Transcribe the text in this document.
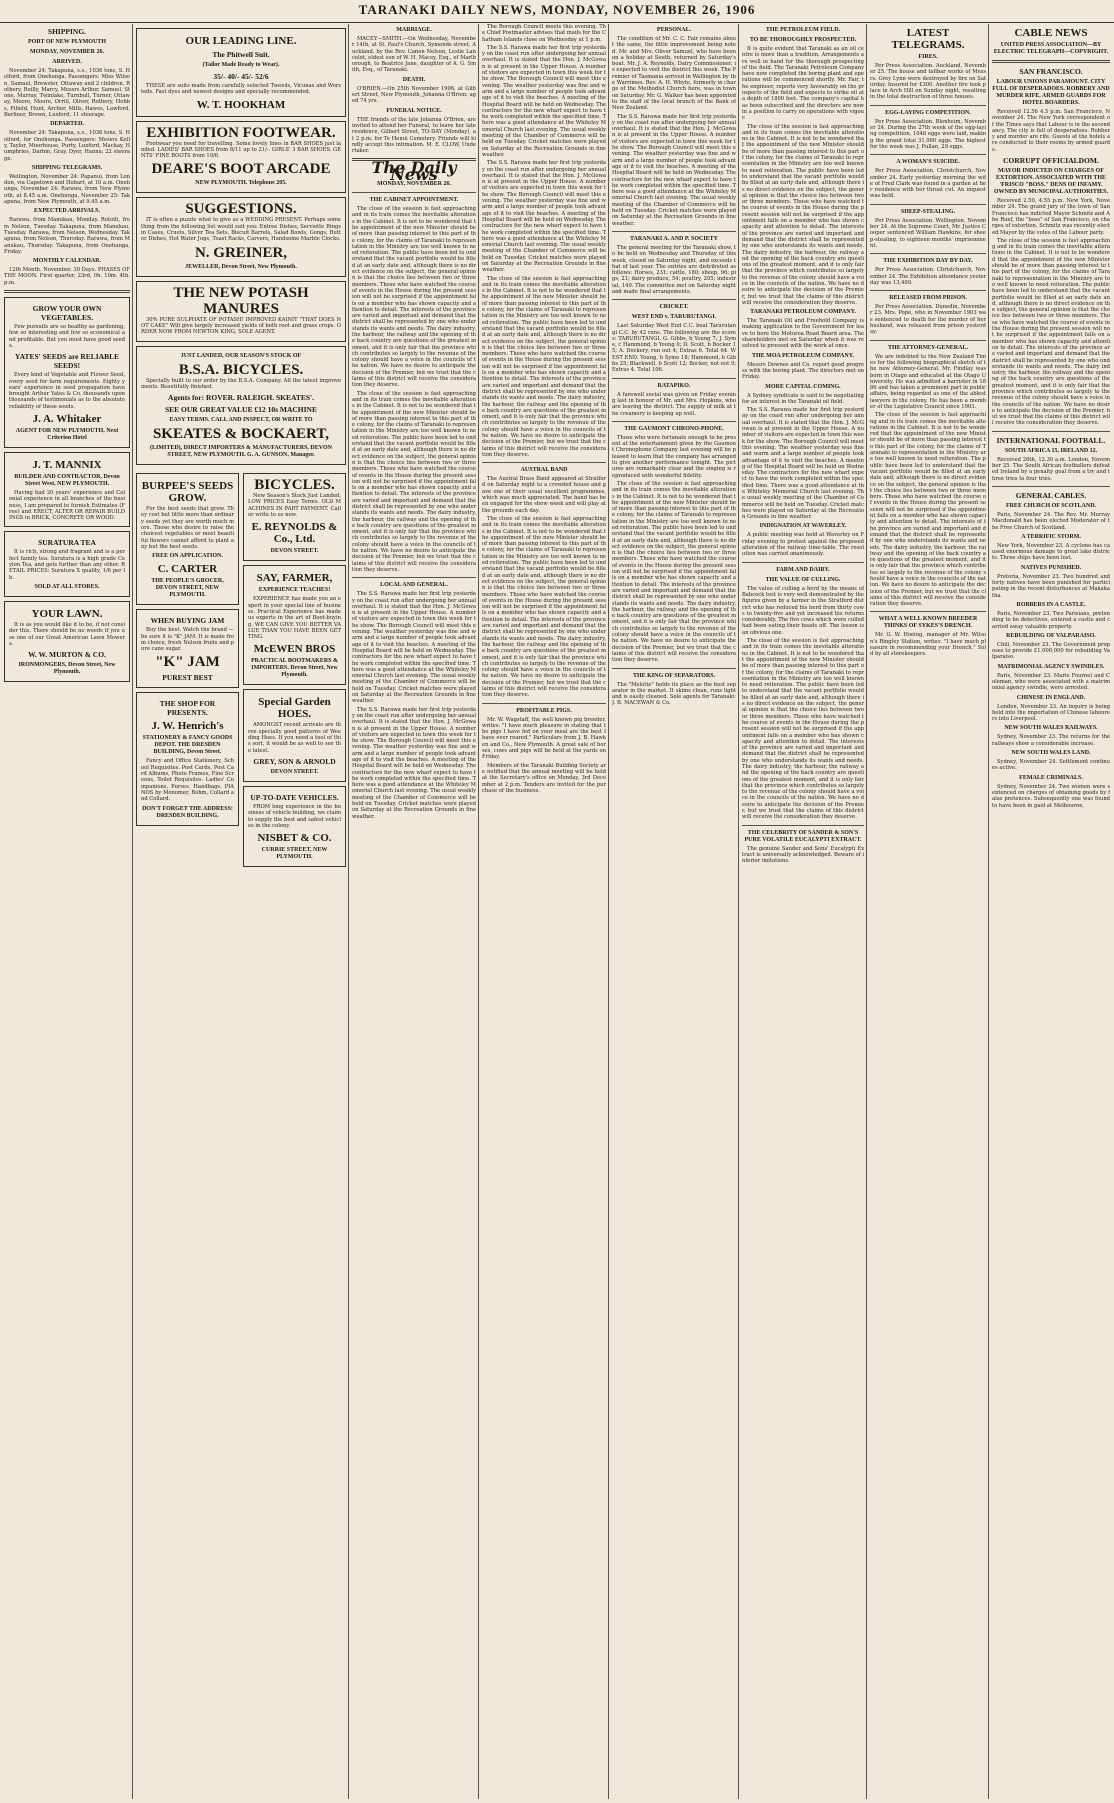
TARANAKI DAILY NEWS, MONDAY, NOVEMBER 26, 1906
SHIPPING.
PORT OF NEW PLYMOUTH
MONDAY, NOVEMBER 26.
ARRIVED.
November 24: Takapuna, s.s., 1036 tons, S. Holford, from Onehunga. Passengers: Miss Wilson, Samuel, Brewster, Ottaway and 2 children, Rothery, Reilly, Marcy, Messrs Arthur, Samuel, Stone, Murray, Twinlake, Turnbull, Turner, Ottaway, Moore, Moore, Orrill, Oliver, Rothery, Hobbs, Fifield, Hunt, Archer, Mills, Hawes, Lawford, Berliner, Brown, Luxford; 11 steerage.
DEPARTED.
November 24: Takapuna, s.s., 1036 tons, S. Holford, for Onehunga. Passengers: Messrs Kelly, Taylor, Moorhouse, Purty, Luxford, Mackay, Humphries, Darbin, Gray, Dyer, Hanna; 22 steerage.
SHIPPING TELEGRAMS.
Wellington, November 24: Papanui, from London, via Capetown and Hobart, at 10 a.m. Onehunga, November 24: Rarawa, from New Plymouth, at 8.45 a.m. Onehunga, November 25: Takapuna, from New Plymouth, at 9.45 a.m.
EXPECTED ARRIVALS.
Rarawa, from Manukau, Monday. Rotoiti, from Nelson, Tuesday. Takapuna, from Manukau, Tuesday. Rarawa, from Nelson, Wednesday. Takapuna, from Nelson, Thursday. Rarawa, from Manukau, Thursday. Takapuna, from Onehunga, Friday.
MONTHLY CALENDAR.
12th Month. November. 30 Days. PHASES OF THE MOON. First quarter, 23rd, 0h. 10m. 4th. p.m.
GROW YOUR OWN VEGETABLES.
Few pursuits are so healthy as gardening, few so interesting and few so economical and profitable. But you must have good seeds.
YATES' SEEDS are RELIABLE SEEDS!
Every kind of Vegetable and Flower Seed, every seed for farm requirements. Eighty years' experience in seed propagation have brought Arthur Yates & Co. thousands upon thousands of testimonials as to the absolute reliability of these seeds.
J. A. Whitaker
AGENT FOR NEW PLYMOUTH, Next Criterion Hotel
J. T. MANNIX
BUILDER AND CONTRACTOR, Devon Street West, NEW PLYMOUTH.
Having had 20 years' experience and Colonial experience in all branches of the business, I am prepared to furnish Estimates (Free) and ERECT, ALTER OR REPAIR BUILDINGS in BRICK, CONCRETE OR WOOD.
SURATURA TEA
It is rich, strong and fragrant and is a perfect family tea. Suratura is a high grade Ceylon Tea, and gets further than any other. RETAIL PRICES: Suratura X quality, 1/6 per lb.
SOLD AT ALL STORES.
YOUR LAWN.
It is as you would like it to be, if not consider this. There should be no weeds if you use one of our Great American Lawn Mowers.
W. W. MURTON & CO.
IRONMONGERS, Devon Street, New Plymouth.
OUR LEADING LINE.
The Phitwell Suit.
(Tailor Made Ready to Wear).
35/- 40/- 45/- 52/6
THESE are suits made from carefully selected Tweeds, Vicunas and Worsteds. Fast dyes and newest designs and specially recommended.
W. T. HOOKHAM
EXHIBITION FOOTWEAR.
Footwear you need for travelling. Some lovely lines in BAR SHOES just landed. LADIES' BAR SHOES from 8/11 up to 21/-. GIRLS' 3 BAR SHOES. GENTS' FINE BOOTS from 10/6.
DEARE'S BOOT ARCADE
NEW PLYMOUTH. Telephone 205.
SUGGESTIONS.
IT is often a puzzle what to give as a WEDDING PRESENT. Perhaps something from the following list would suit you: Entree Dishes, Serviette Rings in Cases, Cruets, Silver Tea Sets, Biscuit Barrels, Salad Bowls, Gongs, Butter Dishes, Hot Water Jugs, Toast Racks, Carvers, Handsome Marble Clocks.
N. GREINER,
JEWELLER, Devon Street, New Plymouth.
THE NEW POTASH MANURES
30% PURE SULPHATE OF POTASH! IMPROVED KAINIT "THAT DOES NOT CAKE" Will give largely increased yields of both root and grass crops. ORDER NOW FROM NEWTON KING, SOLE AGENT.
JUST LANDED, OUR SEASON'S STOCK OF
B.S.A. BICYCLES.
Specially built to our order by the B.S.A. Company. All the latest improvements. Beautifully finished.
Agents for: ROVER. RALEIGH. SKEATES'.
SEE OUR GREAT VALUE £12 10s MACHINE
EASY TERMS. CALL AND INSPECT, OR WRITE TO
SKEATES & BOCKAERT,
(LIMITED), DIRECT IMPORTERS & MANUFACTURERS, DEVON STREET, NEW PLYMOUTH. G. A. GUNSON, Manager.
BURPEE'S SEEDS GROW.
For the best seeds that grow. They cost but little more than ordinary seeds yet they are worth much more. Those who desire to raise the choicest vegetables or most beautiful flowers cannot afford to plant any but the best seeds.
FREE ON APPLICATION.
C. CARTER
THE PEOPLE'S GROCER, DEVON STREET, NEW PLYMOUTH.
WHEN BUYING JAM
Buy the best. Watch the brand — be sure it is "K" JAM. It is made from choice, fresh Nelson fruits and pure cane sugar.
"K" JAM
PUREST BEST
THE SHOP FOR PRESENTS.
J. W. Henrich's
STATIONERY & FANCY GOODS DEPOT. THE DRESDEN BUILDING, Devon Street.
Fancy and Office Stationery, School Requisites. Post Cards, Post Card Albums, Photo Frames, Fine Screens, Toilet Requisites. Ladies' Companions, Purses, Handbags. PIANOS by Monomer, Bohm, Collard and Collard.
DON'T FORGET THE ADDRESS: DRESDEN BUILDING.
BICYCLES.
New Season's Stock Just Landed, LOW PRICES Easy Terms. OLD MACHINES IN PART PAYMENT. Call or write to us now.
E. REYNOLDS & Co., Ltd.
DEVON STREET.
SAY, FARMER,
EXPERIENCE TEACHES!
EXPERIENCE has made you an expert in your special line of business. Practical Experience has made us experts in the art of Boot-buying. WE CAN GIVE YOU BETTER VALUE THAN YOU HAVE BEEN GETTING.
McEWEN BROS
PRACTICAL BOOTMAKERS & IMPORTERS. Devon Street, New Plymouth.
Special Garden HOES.
AMONGST recent arrivals are three specially good patterns of Weeding Hoes. If you need a tool of this sort, it would be as well to see the latest.
GREY, SON & ARNOLD
DEVON STREET.
UP-TO-DATE VEHICLES.
FROM long experience in the business of vehicle building, we claim to supply the best and safest vehicles in the colony.
NISBET & CO.
CURRIE STREET, NEW PLYMOUTH.
MARRIAGE.
MACEY—SMITH.—On Wednesday, November 14th, at St. Paul's Church, Symonds street, Auckland, by the Rev. Canon Nelson, Leslie Lancelot, eldest son of W. H. Macey, Esq., of Marlborough, to Beatrice Jane, daughter of A. G. Smith, Esq., of Taranaki.
DEATH.
O'BRIEN.—On 25th November 1906, at Gilbert Street, New Plymouth, Johanna O'Brien; aged 74 yrs.
FUNERAL NOTICE.
THE friends of the late Johanna O'Brien, are invited to attend her Funeral, to leave her late residence, Gilbert Street, TO-DAY (Monday), at 2 p.m. for Te Henui Cemetery. Friends will kindly accept this intimation. M. E. CLOW, Undertaker.
The Daily News
MONDAY, NOVEMBER 26.
THE CABINET APPOINTMENT.
The close of the session is fast approaching and in its train comes the inevitable alterations in the Cabinet. It is not to be wondered that the appointment of the new Minister should be of more than passing interest to this part of the colony, for the claims of Taranaki to representation in the Ministry are too well known to need reiteration. The public have been led to understand that the vacant portfolio would be filled at an early date and, although there is no direct evidence on the subject, the general opinion is that the choice lies between two or three members. Those who have watched the course of events in the House during the present session will not be surprised if the appointment falls on a member who has shown capacity and attention to detail. The interests of the province are varied and important and demand that the district shall be represented by one who understands its wants and needs. The dairy industry, the harbour, the railway and the opening of the back country are questions of the greatest moment, and it is only fair that the province which contributes so largely to the revenue of the colony should have a voice in the councils of the nation. We have no desire to anticipate the decision of the Premier, but we trust that the claims of this district will receive the consideration they deserve.
The close of the session is fast approaching and in its train comes the inevitable alterations in the Cabinet. It is not to be wondered that the appointment of the new Minister should be of more than passing interest to this part of the colony, for the claims of Taranaki to representation in the Ministry are too well known to need reiteration. The public have been led to understand that the vacant portfolio would be filled at an early date and, although there is no direct evidence on the subject, the general opinion is that the choice lies between two or three members. Those who have watched the course of events in the House during the present session will not be surprised if the appointment falls on a member who has shown capacity and attention to detail. The interests of the province are varied and important and demand that the district shall be represented by one who understands its wants and needs. The dairy industry, the harbour, the railway and the opening of the back country are questions of the greatest moment, and it is only fair that the province which contributes so largely to the revenue of the colony should have a voice in the councils of the nation. We have no desire to anticipate the decision of the Premier, but we trust that the claims of this district will receive the consideration they deserve.
LOCAL AND GENERAL.
The S.S. Rarawa made her first trip yesterday on the coast run after undergoing her annual overhaul. It is stated that the Hon. J. McGowan is at present in the Upper House. A number of visitors are expected in town this week for the show. The Borough Council will meet this evening. The weather yesterday was fine and warm and a large number of people took advantage of it to visit the beaches. A meeting of the Hospital Board will be held on Wednesday. The contractors for the new wharf expect to have the work completed within the specified time. There was a good attendance at the Whiteley Memorial Church last evening. The usual weekly meeting of the Chamber of Commerce will be held on Tuesday. Cricket matches were played on Saturday at the Recreation Grounds in fine weather.
The S.S. Rarawa made her first trip yesterday on the coast run after undergoing her annual overhaul. It is stated that the Hon. J. McGowan is at present in the Upper House. A number of visitors are expected in town this week for the show. The Borough Council will meet this evening. The weather yesterday was fine and warm and a large number of people took advantage of it to visit the beaches. A meeting of the Hospital Board will be held on Wednesday. The contractors for the new wharf expect to have the work completed within the specified time. There was a good attendance at the Whiteley Memorial Church last evening. The usual weekly meeting of the Chamber of Commerce will be held on Tuesday. Cricket matches were played on Saturday at the Recreation Grounds in fine weather.
The Borough Council meets this evening. The Chief Postmaster advises that mails for the Chatham Islands close on Wednesday at 1 p.m.
The S.S. Rarawa made her first trip yesterday on the coast run after undergoing her annual overhaul. It is stated that the Hon. J. McGowan is at present in the Upper House. A number of visitors are expected in town this week for the show. The Borough Council will meet this evening. The weather yesterday was fine and warm and a large number of people took advantage of it to visit the beaches. A meeting of the Hospital Board will be held on Wednesday. The contractors for the new wharf expect to have the work completed within the specified time. There was a good attendance at the Whiteley Memorial Church last evening. The usual weekly meeting of the Chamber of Commerce will be held on Tuesday. Cricket matches were played on Saturday at the Recreation Grounds in fine weather.
The S.S. Rarawa made her first trip yesterday on the coast run after undergoing her annual overhaul. It is stated that the Hon. J. McGowan is at present in the Upper House. A number of visitors are expected in town this week for the show. The Borough Council will meet this evening. The weather yesterday was fine and warm and a large number of people took advantage of it to visit the beaches. A meeting of the Hospital Board will be held on Wednesday. The contractors for the new wharf expect to have the work completed within the specified time. There was a good attendance at the Whiteley Memorial Church last evening. The usual weekly meeting of the Chamber of Commerce will be held on Tuesday. Cricket matches were played on Saturday at the Recreation Grounds in fine weather.
The close of the session is fast approaching and in its train comes the inevitable alterations in the Cabinet. It is not to be wondered that the appointment of the new Minister should be of more than passing interest to this part of the colony, for the claims of Taranaki to representation in the Ministry are too well known to need reiteration. The public have been led to understand that the vacant portfolio would be filled at an early date and, although there is no direct evidence on the subject, the general opinion is that the choice lies between two or three members. Those who have watched the course of events in the House during the present session will not be surprised if the appointment falls on a member who has shown capacity and attention to detail. The interests of the province are varied and important and demand that the district shall be represented by one who understands its wants and needs. The dairy industry, the harbour, the railway and the opening of the back country are questions of the greatest moment, and it is only fair that the province which contributes so largely to the revenue of the colony should have a voice in the councils of the nation. We have no desire to anticipate the decision of the Premier, but we trust that the claims of this district will receive the consideration they deserve.
AUSTRAL BAND
The Austral Brass Band appeared at Stratford on Saturday night to a crowded house and gave one of their usual excellent programmes, which was much appreciated. The band has been engaged for the show week and will play at the grounds each day.
The close of the session is fast approaching and in its train comes the inevitable alterations in the Cabinet. It is not to be wondered that the appointment of the new Minister should be of more than passing interest to this part of the colony, for the claims of Taranaki to representation in the Ministry are too well known to need reiteration. The public have been led to understand that the vacant portfolio would be filled at an early date and, although there is no direct evidence on the subject, the general opinion is that the choice lies between two or three members. Those who have watched the course of events in the House during the present session will not be surprised if the appointment falls on a member who has shown capacity and attention to detail. The interests of the province are varied and important and demand that the district shall be represented by one who understands its wants and needs. The dairy industry, the harbour, the railway and the opening of the back country are questions of the greatest moment, and it is only fair that the province which contributes so largely to the revenue of the colony should have a voice in the councils of the nation. We have no desire to anticipate the decision of the Premier, but we trust that the claims of this district will receive the consideration they deserve.
PROFITABLE PIGS.
Mr. W. Wagstaff, the well known pig breeder, writes: "I have much pleasure in stating that the pigs I have fed on your meal are the best I have ever reared." Particulars from J. B. Hawken and Co., New Plymouth. A great sale of horses, cows and pigs will be held at the yards on Friday.
Members of the Taranaki Building Society are notified that the annual meeting will be held at the Secretary's office on Monday, 3rd December at 2 p.m. Tenders are invited for the purchase of the business.
PERSONAL.
The condition of Mr. C. C. Fair remains about the same, the little improvement being noted. Mr. and Mrs. Oliver Samuel, who have been on a holiday at South, returned by Saturday's boat. Mr. J. A. Reynolds, Dairy Commissioner, is expected to visit the district this week. The Premier of Tasmania arrived in Wellington by the Warrimoo. Rev. A. H. Whyte, formerly in charge of the Methodist Church here, was in town on Saturday. Mr. G. Walker has been appointed to the staff of the local branch of the Bank of New Zealand.
The S.S. Rarawa made her first trip yesterday on the coast run after undergoing her annual overhaul. It is stated that the Hon. J. McGowan is at present in the Upper House. A number of visitors are expected in town this week for the show. The Borough Council will meet this evening. The weather yesterday was fine and warm and a large number of people took advantage of it to visit the beaches. A meeting of the Hospital Board will be held on Wednesday. The contractors for the new wharf expect to have the work completed within the specified time. There was a good attendance at the Whiteley Memorial Church last evening. The usual weekly meeting of the Chamber of Commerce will be held on Tuesday. Cricket matches were played on Saturday at the Recreation Grounds in fine weather.
TARANAKI A. AND P. SOCIETY
The general meeting for the Taranaki show, to be held on Wednesday and Thursday of this week, closed on Saturday night, and exceeds that of last year. The entries are distributed as follows: Horses, 231; cattle, 180; sheep, 96; pigs, 21; dairy produce, 54; poultry, 205; industrial, 140. The committee met on Saturday night and made final arrangements.
CRICKET.
WEST END v. TARURUTANGI.
Last Saturday West End C.C. beat Tarurutangi C.C. by 42 runs. The following are the scores: TARURUTANGI. G. Gibbs, b Young 7; J. Syme, c Hammond, b Young 0; D. Scott, b Bocker 15; A. Dockery, run out 4; Extras 6. Total 64. WEST END. Young, b Syme 18; Hammond, b Gibbs 25; Blackwell, b Scott 12; Bocker, not out 9; Extras 4. Total 106.
RATAPIKO.
A farewell social was given on Friday evening last in honour of Mr. and Mrs. Hopkins, who are leaving the district. The supply of milk at the creamery is keeping up well.
THE GAUMONT CHRONO-PHONE.
Those who were fortunate enough to be present at the entertainment given by the Gaumont Chronophone Company last evening will be pleased to learn that the company has arranged to give another performance tonight. The pictures are remarkably clear and the singing is reproduced with wonderful fidelity.
The close of the session is fast approaching and in its train comes the inevitable alterations in the Cabinet. It is not to be wondered that the appointment of the new Minister should be of more than passing interest to this part of the colony, for the claims of Taranaki to representation in the Ministry are too well known to need reiteration. The public have been led to understand that the vacant portfolio would be filled at an early date and, although there is no direct evidence on the subject, the general opinion is that the choice lies between two or three members. Those who have watched the course of events in the House during the present session will not be surprised if the appointment falls on a member who has shown capacity and attention to detail. The interests of the province are varied and important and demand that the district shall be represented by one who understands its wants and needs. The dairy industry, the harbour, the railway and the opening of the back country are questions of the greatest moment, and it is only fair that the province which contributes so largely to the revenue of the colony should have a voice in the councils of the nation. We have no desire to anticipate the decision of the Premier, but we trust that the claims of this district will receive the consideration they deserve.
THE KING OF SEPARATORS.
The "Melotte" holds its place as the best separator in the market. It skims clean, runs light and is easily cleaned. Sole agents for Taranaki: J. B. MACEWAN & Co.
THE PETROLEUM FIELD.
TO BE THOROUGHLY PROSPECTED.
It is quite evident that Taranaki as an oil centre is more than a tradition. Arrangements are well in hand for the thorough prospecting of the field. The Taranaki Petroleum Company have now completed the boring plant and operations will be commenced shortly. Mr. Fair, the engineer, reports very favourably on the prospects of the field and expects to strike oil at a depth of 1800 feet. The company's capital has been subscribed and the directors are now in a position to carry on operations with vigour.
The close of the session is fast approaching and in its train comes the inevitable alterations in the Cabinet. It is not to be wondered that the appointment of the new Minister should be of more than passing interest to this part of the colony, for the claims of Taranaki to representation in the Ministry are too well known to need reiteration. The public have been led to understand that the vacant portfolio would be filled at an early date and, although there is no direct evidence on the subject, the general opinion is that the choice lies between two or three members. Those who have watched the course of events in the House during the present session will not be surprised if the appointment falls on a member who has shown capacity and attention to detail. The interests of the province are varied and important and demand that the district shall be represented by one who understands its wants and needs. The dairy industry, the harbour, the railway and the opening of the back country are questions of the greatest moment, and it is only fair that the province which contributes so largely to the revenue of the colony should have a voice in the councils of the nation. We have no desire to anticipate the decision of the Premier, but we trust that the claims of this district will receive the consideration they deserve.
TARANAKI PETROLEUM COMPANY.
The Taranaki Oil and Freehold Company is making application to the Government for leave to bore the Moturoa Road Board area. The shareholders met on Saturday when it was resolved to proceed with the work at once.
THE MOA PETROLEUM COMPANY.
Messrs Downes and Co. report good progress with the boring plant. The directors met on Friday.
MORE CAPITAL COMING.
A Sydney syndicate is said to be negotiating for an interest in the Taranaki oil field.
The S.S. Rarawa made her first trip yesterday on the coast run after undergoing her annual overhaul. It is stated that the Hon. J. McGowan is at present in the Upper House. A number of visitors are expected in town this week for the show. The Borough Council will meet this evening. The weather yesterday was fine and warm and a large number of people took advantage of it to visit the beaches. A meeting of the Hospital Board will be held on Wednesday. The contractors for the new wharf expect to have the work completed within the specified time. There was a good attendance at the Whiteley Memorial Church last evening. The usual weekly meeting of the Chamber of Commerce will be held on Tuesday. Cricket matches were played on Saturday at the Recreation Grounds in fine weather.
INDIGNATION AT WAVERLEY.
A public meeting was held at Waverley on Friday evening to protest against the proposed alteration of the railway time-table. The resolution was carried unanimously.
FARM AND DAIRY.
THE VALUE OF CULLING.
The value of culling a herd by the means of Babcock test is very well demonstrated by the figures given by a farmer in the Stratford district who has reduced his herd from thirty cows to twenty-five and yet increased his returns considerably. The five cows which were culled had been eating their heads off. The lesson is an obvious one.
The close of the session is fast approaching and in its train comes the inevitable alterations in the Cabinet. It is not to be wondered that the appointment of the new Minister should be of more than passing interest to this part of the colony, for the claims of Taranaki to representation in the Ministry are too well known to need reiteration. The public have been led to understand that the vacant portfolio would be filled at an early date and, although there is no direct evidence on the subject, the general opinion is that the choice lies between two or three members. Those who have watched the course of events in the House during the present session will not be surprised if the appointment falls on a member who has shown capacity and attention to detail. The interests of the province are varied and important and demand that the district shall be represented by one who understands its wants and needs. The dairy industry, the harbour, the railway and the opening of the back country are questions of the greatest moment, and it is only fair that the province which contributes so largely to the revenue of the colony should have a voice in the councils of the nation. We have no desire to anticipate the decision of the Premier, but we trust that the claims of this district will receive the consideration they deserve.
THE CELEBRITY OF SANDER & SON'S PURE VOLATILE EUCALYPTI EXTRACT.
The genuine Sander and Sons' Eucalypti Extract is universally acknowledged. Beware of inferior imitations.
LATEST TELEGRAMS.
FIRES.
Per Press Association. Auckland, November 25. The house and tollbar works of Messrs. Grey Lynn were destroyed by fire on Saturday. Insured for £300. Another fire took place in Arch Hill on Sunday night, resulting in the total destruction of three houses.
EGG-LAYING COMPETITION.
Per Press Association. Blenheim, November 24. During the 27th week of the egg-laying competition, 1048 eggs were laid, making the grand total 31,060 eggs. The highest for the week was J. Pullan, 29 eggs.
A WOMAN'S SUICIDE.
Per Press Association. Christchurch, November 24. Early yesterday morning the wife of Fred Clark was found in a garden at her residence with her throat cut. An inquest was held.
SHEEP-STEALING.
Per Press Association. Wellington, November 24. At the Supreme Court, Mr. Justice Cooper sentenced William Hawkins, for sheep-stealing, to eighteen months' imprisonment.
THE EXHIBITION DAY BY DAY.
Per Press Association. Christchurch, November 24. The Exhibition attendance yesterday was 13,400.
RELEASED FROM PRISON.
Per Press Association. Dunedin, November 23. Mrs. Pope, who in November 1903 was sentenced to death for the murder of her husband, was released from prison yesterday.
THE ATTORNEY-GENERAL.
We are indebted to the New Zealand Times for the following biographical sketch of the new Attorney-General. Mr. Findlay was born in Otago and educated at the Otago University. He was admitted a barrister in 1886 and has taken a prominent part in public affairs, being regarded as one of the ablest lawyers in the colony. He has been a member of the Legislative Council since 1903.
The close of the session is fast approaching and in its train comes the inevitable alterations in the Cabinet. It is not to be wondered that the appointment of the new Minister should be of more than passing interest to this part of the colony, for the claims of Taranaki to representation in the Ministry are too well known to need reiteration. The public have been led to understand that the vacant portfolio would be filled at an early date and, although there is no direct evidence on the subject, the general opinion is that the choice lies between two or three members. Those who have watched the course of events in the House during the present session will not be surprised if the appointment falls on a member who has shown capacity and attention to detail. The interests of the province are varied and important and demand that the district shall be represented by one who understands its wants and needs. The dairy industry, the harbour, the railway and the opening of the back country are questions of the greatest moment, and it is only fair that the province which contributes so largely to the revenue of the colony should have a voice in the councils of the nation. We have no desire to anticipate the decision of the Premier, but we trust that the claims of this district will receive the consideration they deserve.
WHAT A WELL KNOWN BREEDER THINKS OF SYKES'S DRENCH.
Mr. G. W. Hoeing, manager of Mr. Wilson's Ringley Station, writes: "I have much pleasure in recommending your Drench." Sold by all storekeepers.
CABLE NEWS
UNITED PRESS ASSOCIATION—BY ELECTRIC TELEGRAPH—COPYRIGHT.
SAN FRANCISCO.
LABOUR UNIONS PARAMOUNT. CITY FULL OF DESPERADOES. ROBBERY AND MURDER RIFE. ARMED GUARDS FOR HOTEL BOARDERS.
Received 12.56 4.5 p.m. San Francisco, November 24. The New York correspondent of the Times says that Labour is in the ascendancy. The city is full of desperadoes. Robbery and murder are rife. Guests at the hotels are conducted to their rooms by armed guards.
CORRUPT OFFICIALDOM.
MAYOR INDICTED ON CHARGES OF EXTORTION. ASSOCIATED WITH THE 'FRISCO "BOSS." DENS OF INFAMY. OWNED BY MUNICIPAL AUTHORITIES.
Received 2.50, 4.55 p.m. New York, November 24. The grand jury of the town of San Francisco has indicted Mayor Schmitz and Abe Ruef, the "boss" of San Francisco, on charges of extortion. Schmitz was recently elected Mayor by the votes of the Labour party.
The close of the session is fast approaching and in its train comes the inevitable alterations in the Cabinet. It is not to be wondered that the appointment of the new Minister should be of more than passing interest to this part of the colony, for the claims of Taranaki to representation in the Ministry are too well known to need reiteration. The public have been led to understand that the vacant portfolio would be filled at an early date and, although there is no direct evidence on the subject, the general opinion is that the choice lies between two or three members. Those who have watched the course of events in the House during the present session will not be surprised if the appointment falls on a member who has shown capacity and attention to detail. The interests of the province are varied and important and demand that the district shall be represented by one who understands its wants and needs. The dairy industry, the harbour, the railway and the opening of the back country are questions of the greatest moment, and it is only fair that the province which contributes so largely to the revenue of the colony should have a voice in the councils of the nation. We have no desire to anticipate the decision of the Premier, but we trust that the claims of this district will receive the consideration they deserve.
INTERNATIONAL FOOTBALL.
SOUTH AFRICA 15, IRELAND 12.
Received 26th, 12.30 a.m. London, November 25. The South African footballers defeated Ireland by a penalty goal from a try and three tries to four tries.
GENERAL CABLES.
FREE CHURCH OF SCOTLAND.
Paris, November 24. The Rev. Mr. Murray Macdonald has been elected Moderator of the Free Church of Scotland.
A TERRIFIC STORM.
New York, November 23. A cyclone has caused enormous damage to great lake districts. Three ships have been lost.
NATIVES PUNISHED.
Pretoria, November 23. Two hundred and forty natives have been punished for participating in the recent disturbances at Makakatha.
ROBBERS IN A CASTLE.
Paris, November 23. Two Parisians, pretending to be detectives, entered a castle and carried away valuable property.
REBUILDING OF VALPARAISO.
Chili, November 23. The Government proposes to provide £1,000,000 for rebuilding Valparaiso.
MATRIMONIAL AGENCY SWINDLES.
Paris, November 23. Marie Fournel and Coleman, who were associated with a matrimonial agency swindle, were arrested.
CHINESE IN ENGLAND.
London, November 23. An inquiry is being held into the importation of Chinese labourers into Liverpool.
NEW SOUTH WALES RAILWAYS.
Sydney, November 23. The returns for the railways show a considerable increase.
NEW SOUTH WALES LAND.
Sydney, November 24. Settlement continues active.
FEMALE CRIMINALS.
Sydney, November 24. Two women were sentenced on charges of obtaining goods by false pretences. Subsequently one was found to have been in gaol at Melbourne.
